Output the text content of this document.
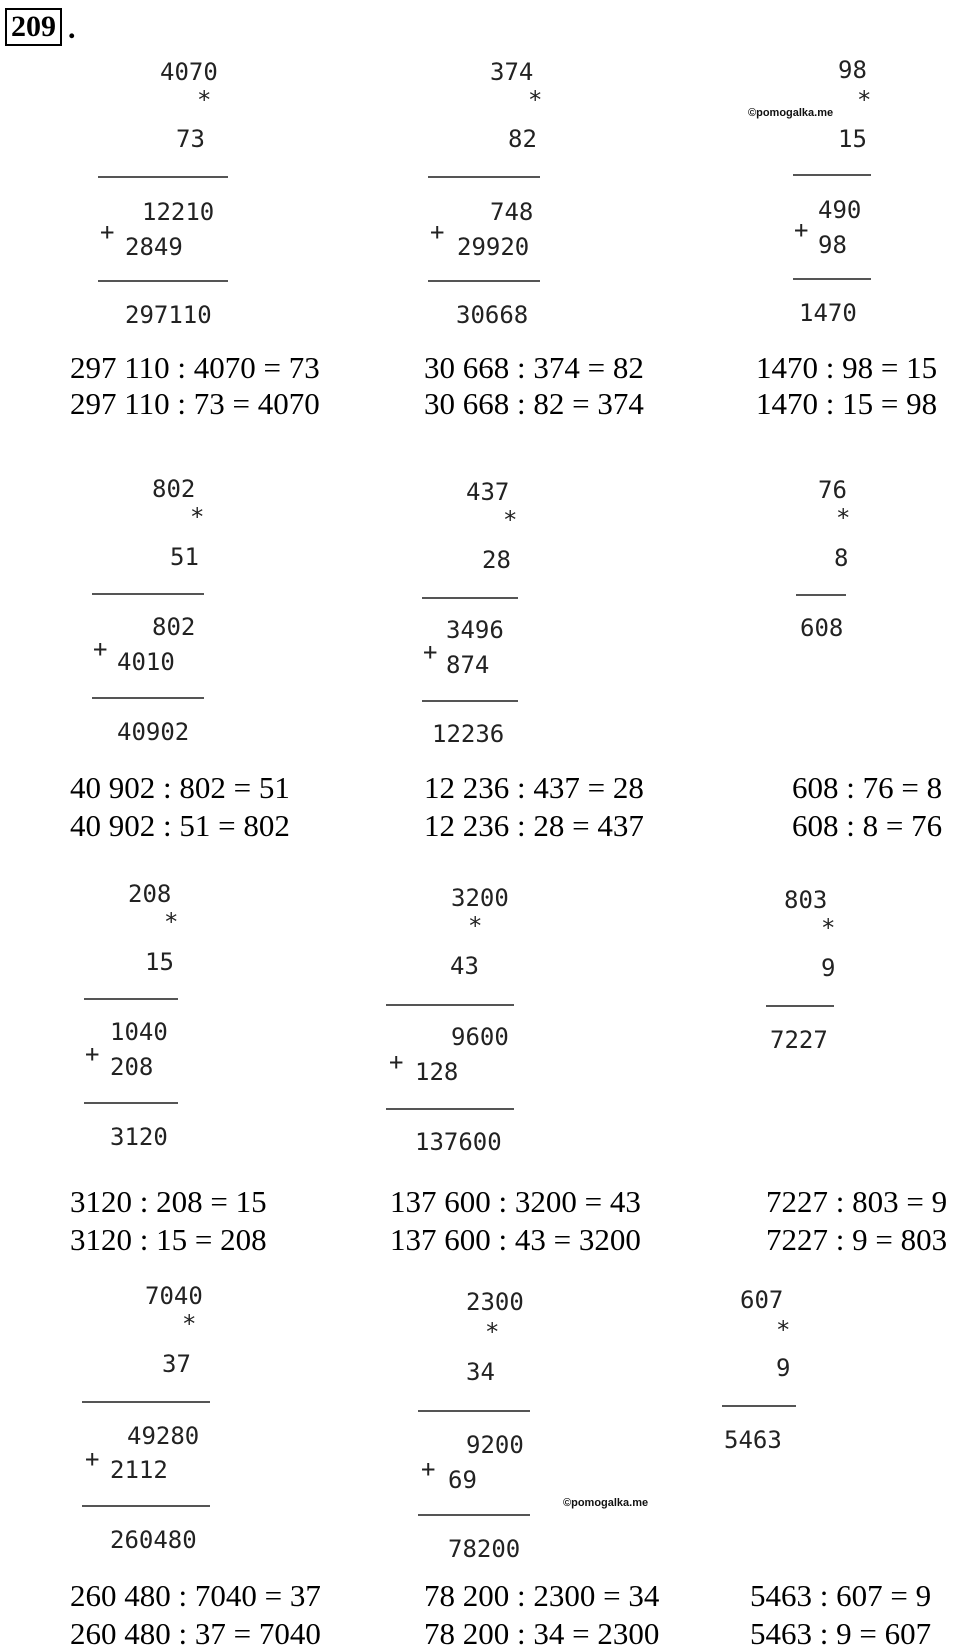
209 .
©pomogalka.me
©pomogalka.me
4070
*
73
+
12210
2849
297110
297 110 : 4070 = 73
297 110 : 73 = 4070
374
*
82
+
748
29920
30668
30 668 : 374 = 82
30 668 : 82 = 374
98
*
15
+
490
98
1470
1470 : 98 = 15
1470 : 15 = 98
802
*
51
+
802
4010
40902
40 902 : 802 = 51
40 902 : 51 = 802
437
*
28
+
3496
874
12236
12 236 : 437 = 28
12 236 : 28 = 437
76
*
8
608
608 : 76 = 8
608 : 8 = 76
208
*
15
+
1040
208
3120
3120 : 208 = 15
3120 : 15 = 208
3200
*
43
+
9600
128
137600
137 600 : 3200 = 43
137 600 : 43 = 3200
803
*
9
7227
7227 : 803 = 9
7227 : 9 = 803
7040
*
37
+
49280
2112
260480
260 480 : 7040 = 37
260 480 : 37 = 7040
2300
*
34
+
9200
69
78200
78 200 : 2300 = 34
78 200 : 34 = 2300
607
*
9
5463
5463 : 607 = 9
5463 : 9 = 607
